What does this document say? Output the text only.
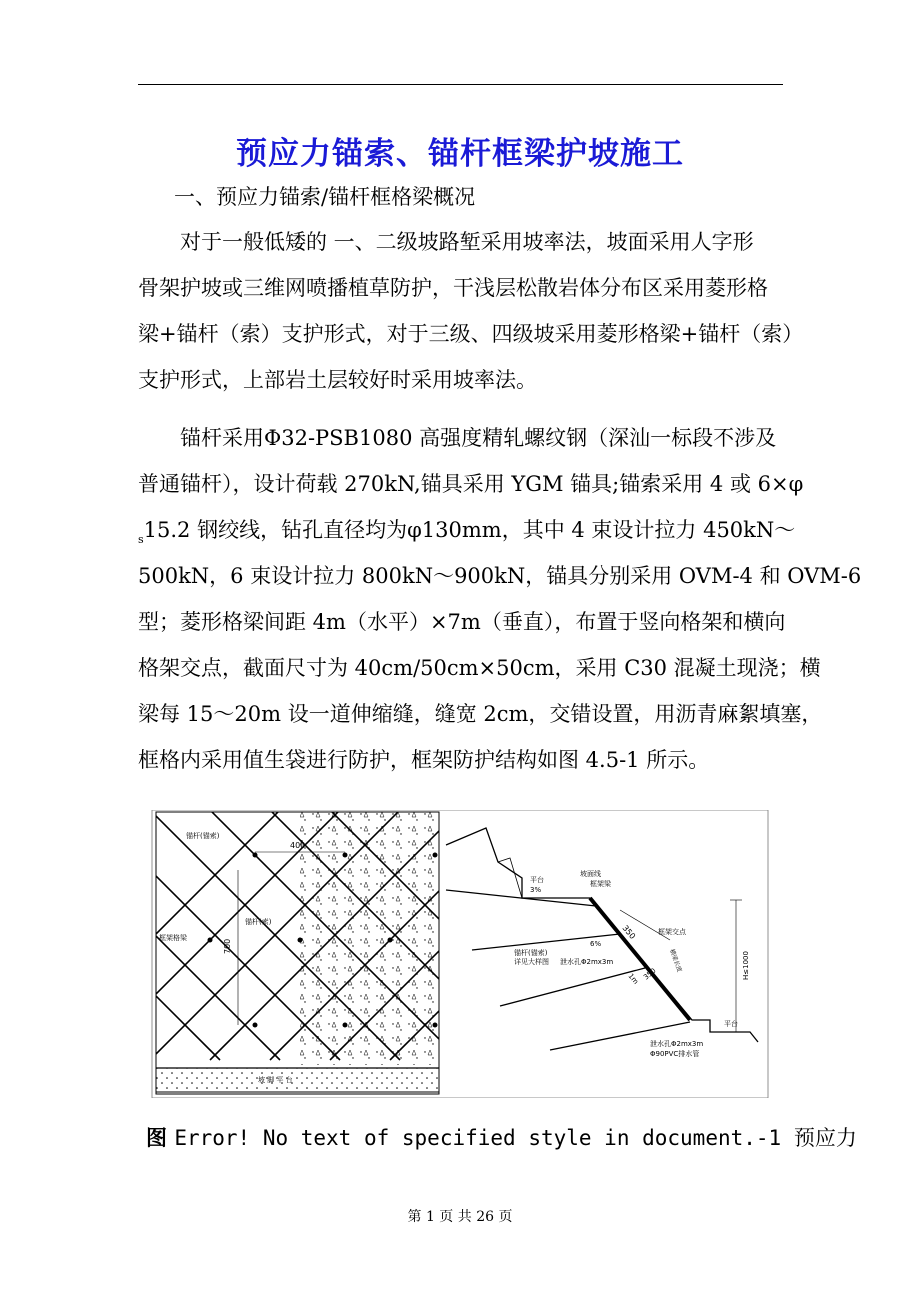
预应力锚索、锚杆框梁护坡施工
一、预应力锚索/锚杆框格梁概况
对于一般低矮的 一、二级坡路堑采用坡率法，坡面采用人字形
骨架护坡或三维网喷播植草防护，干浅层松散岩体分布区采用菱形格
梁+锚杆（索）支护形式，对于三级、四级坡采用菱形格梁+锚杆（索）
支护形式，上部岩土层较好时采用坡率法。
锚杆采用Φ32-PSB1080 高强度精轧螺纹钢（深汕一标段不涉及
普通锚杆），设计荷载 270kN,锚具采用 YGM 锚具;锚索采用 4 或 6×φ
$_s$15.2 钢绞线，钻孔直径均为φ130mm，其中 4 束设计拉力 450kN～
500kN，6 束设计拉力 800kN～900kN，锚具分别采用 OVM-4 和 OVM-6
型；菱形格梁间距 4m（水平）×7m（垂直），布置于竖向格架和横向
格架交点，截面尺寸为 40cm/50cm×50cm，采用 C30 混凝土现浇；横
梁每 15～20m 设一道伸缩缝，缝宽 2cm，交错设置，用沥青麻絮填塞，
框格内采用值生袋进行防护，框架防护结构如图 4.5-1 所示。
锚杆(锚索)
400
700
锚杆(索)
框架格梁
坡 脚 平 台
平台
3%
坡面线
框架梁
350	框架交点
6%
锚杆(锚索)
详见大样图 泄水孔Φ2mx3m
1m 350
横梁长度	H≤1000
平台
泄水孔Φ2mx3m
Φ90PVC排水管
图 Error! No text of specified style in document.-1 预应力
第 1 页 共 26 页
